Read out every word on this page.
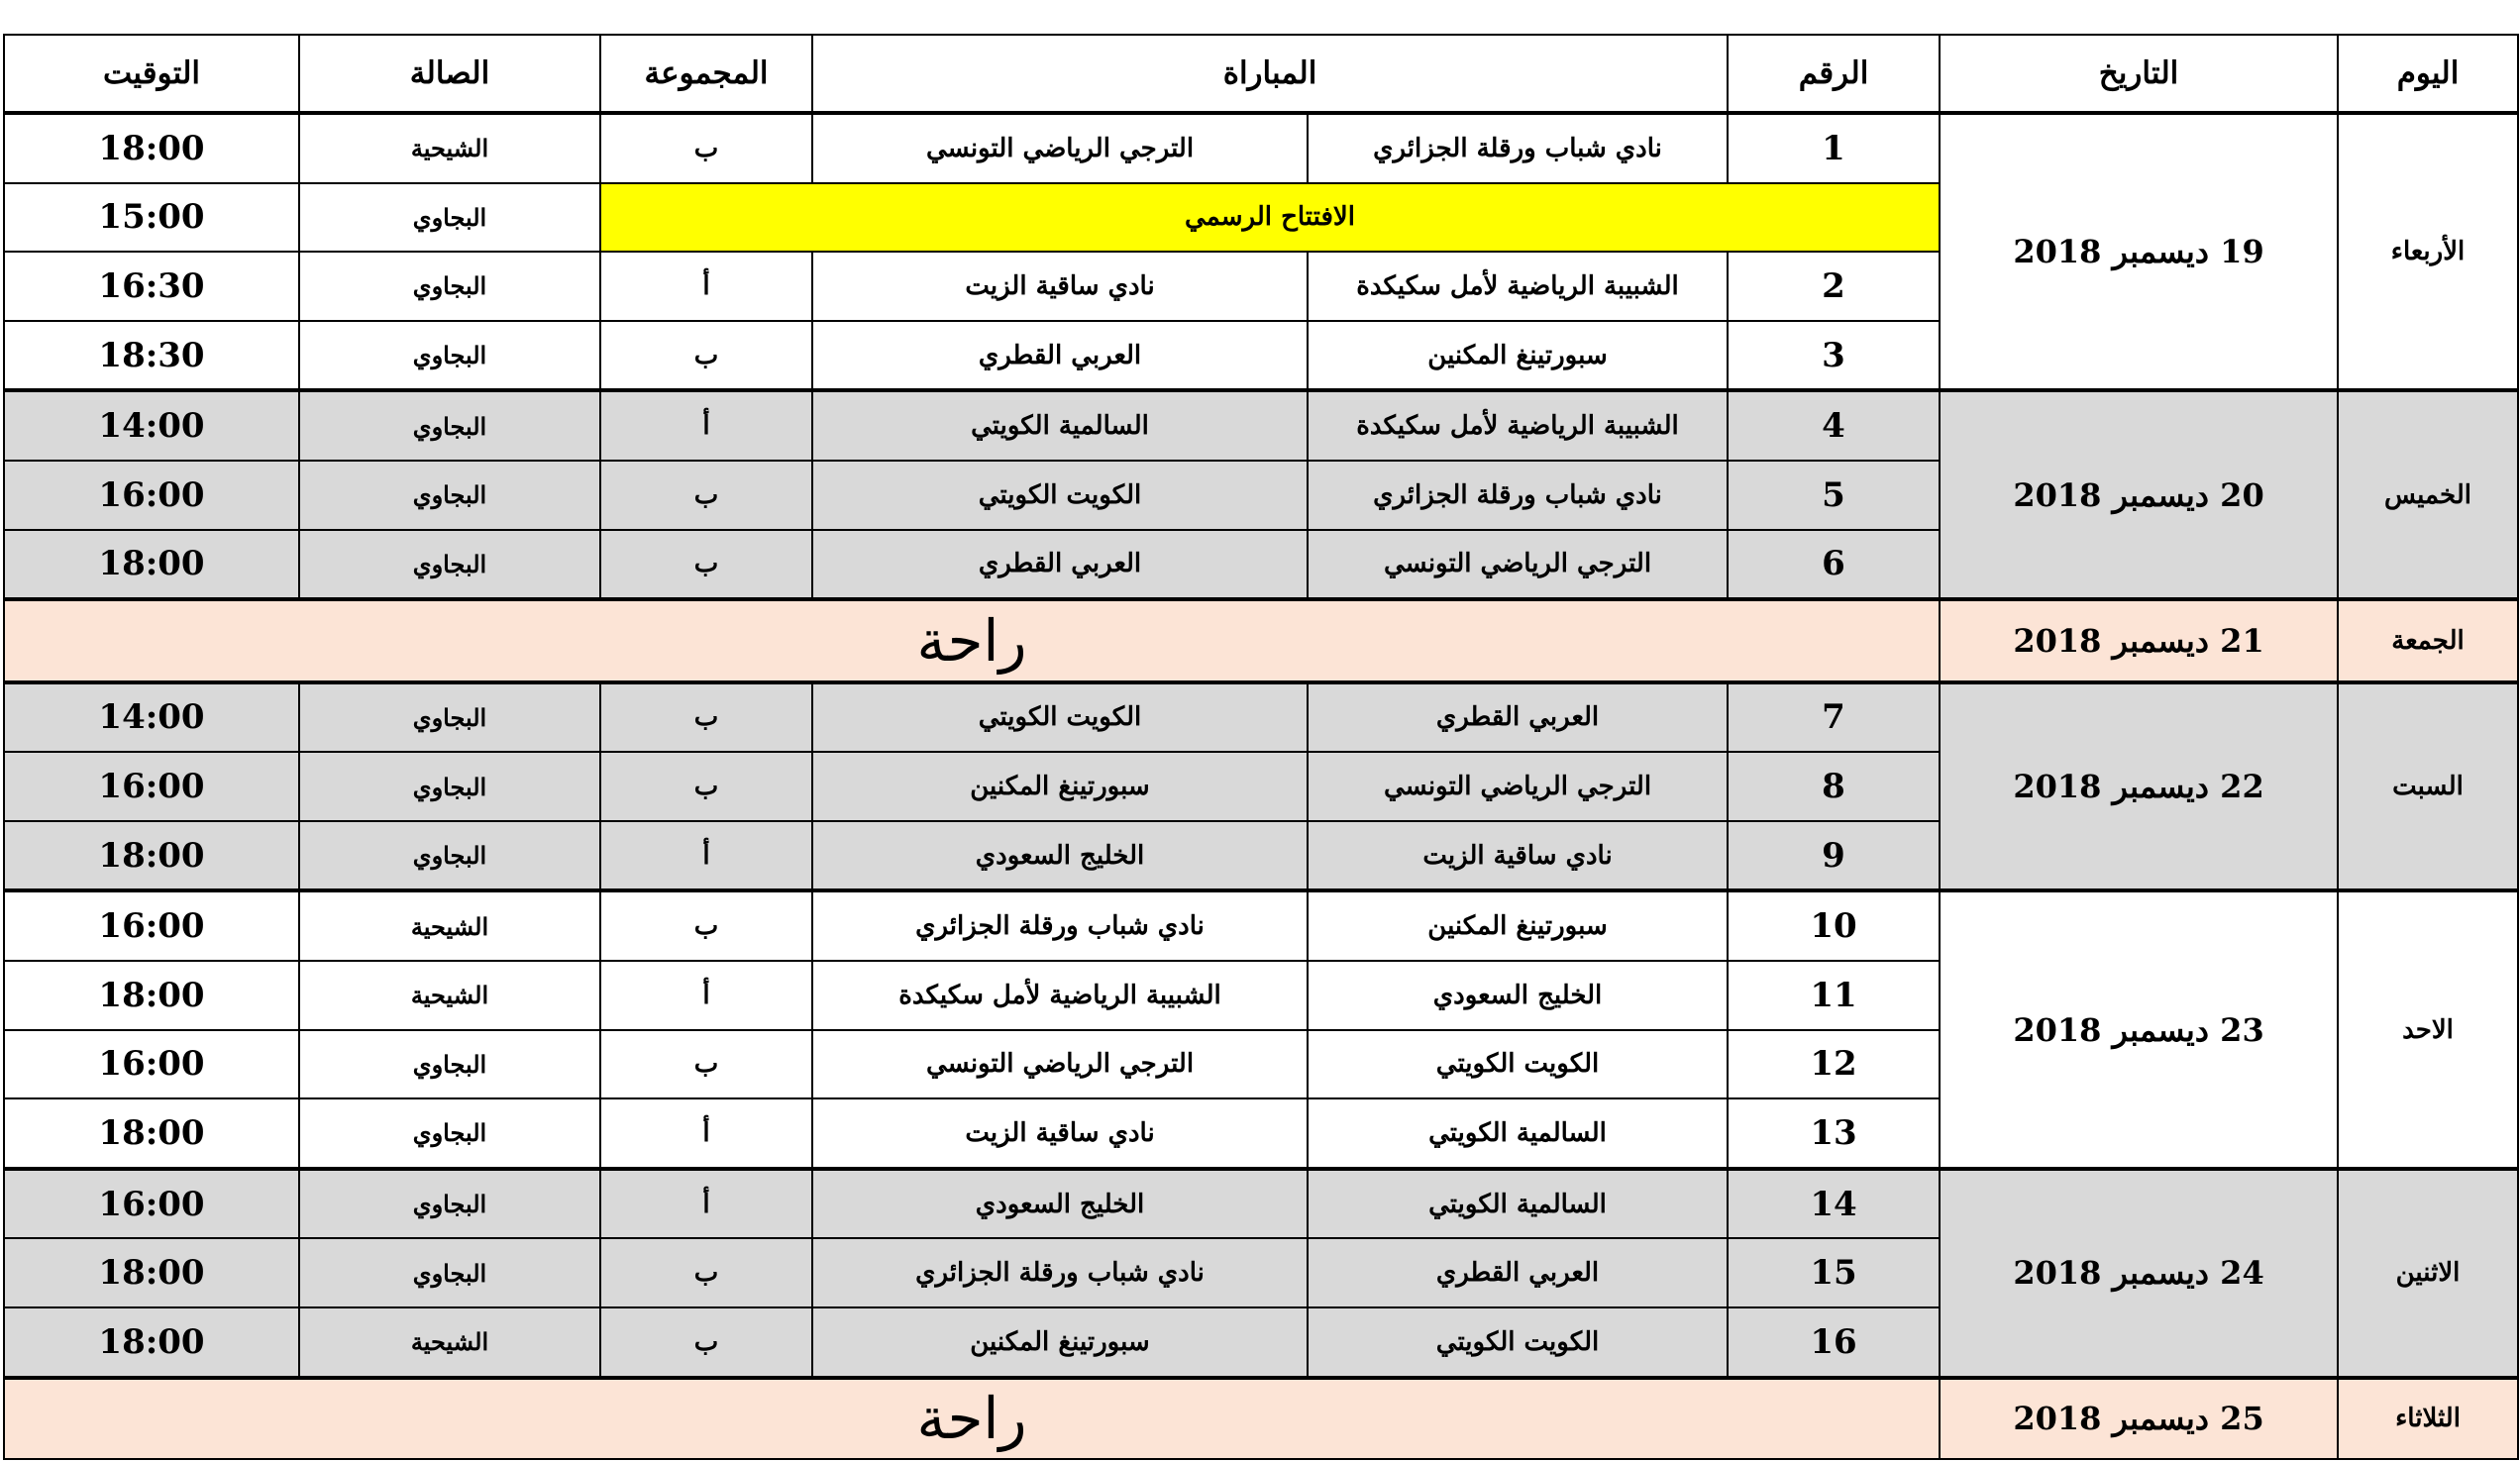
اليوم	التاريخ	الرقم	المباراة		المجموعة	الصالة	التوقيت
الأربعاء	19 ديسمبر 2018	1	نادي شباب ورقلة الجزائري	الترجي الرياضي التونسي	ب	الشيحية	18:00
		الافتتاح الرسمي				البجاوي	15:00
		2	الشبيبة الرياضية لأمل سكيكدة	نادي ساقية الزيت	أ	البجاوي	16:30
		3	سبورتينغ المكنين	العربي القطري	ب	البجاوي	18:30
الخميس	20 ديسمبر 2018	4	الشبيبة الرياضية لأمل سكيكدة	السالمية الكويتي	أ	البجاوي	14:00
		5	نادي شباب ورقلة الجزائري	الكويت الكويتي	ب	البجاوي	16:00
		6	الترجي الرياضي التونسي	العربي القطري	ب	البجاوي	18:00
الجمعة	21 ديسمبر 2018	راحة					
السبت	22 ديسمبر 2018	7	العربي القطري	الكويت الكويتي	ب	البجاوي	14:00
		8	الترجي الرياضي التونسي	سبورتينغ المكنين	ب	البجاوي	16:00
		9	نادي ساقية الزيت	الخليج السعودي	أ	البجاوي	18:00
الاحد	23 ديسمبر 2018	10	سبورتينغ المكنين	نادي شباب ورقلة الجزائري	ب	الشيحية	16:00
		11	الخليج السعودي	الشبيبة الرياضية لأمل سكيكدة	أ	الشيحية	18:00
		12	الكويت الكويتي	الترجي الرياضي التونسي	ب	البجاوي	16:00
		13	السالمية الكويتي	نادي ساقية الزيت	أ	البجاوي	18:00
الاثنين	24 ديسمبر 2018	14	السالمية الكويتي	الخليج السعودي	أ	البجاوي	16:00
		15	العربي القطري	نادي شباب ورقلة الجزائري	ب	البجاوي	18:00
		16	الكويت الكويتي	سبورتينغ المكنين	ب	الشيحية	18:00
الثلاثاء	25 ديسمبر 2018	راحة					
